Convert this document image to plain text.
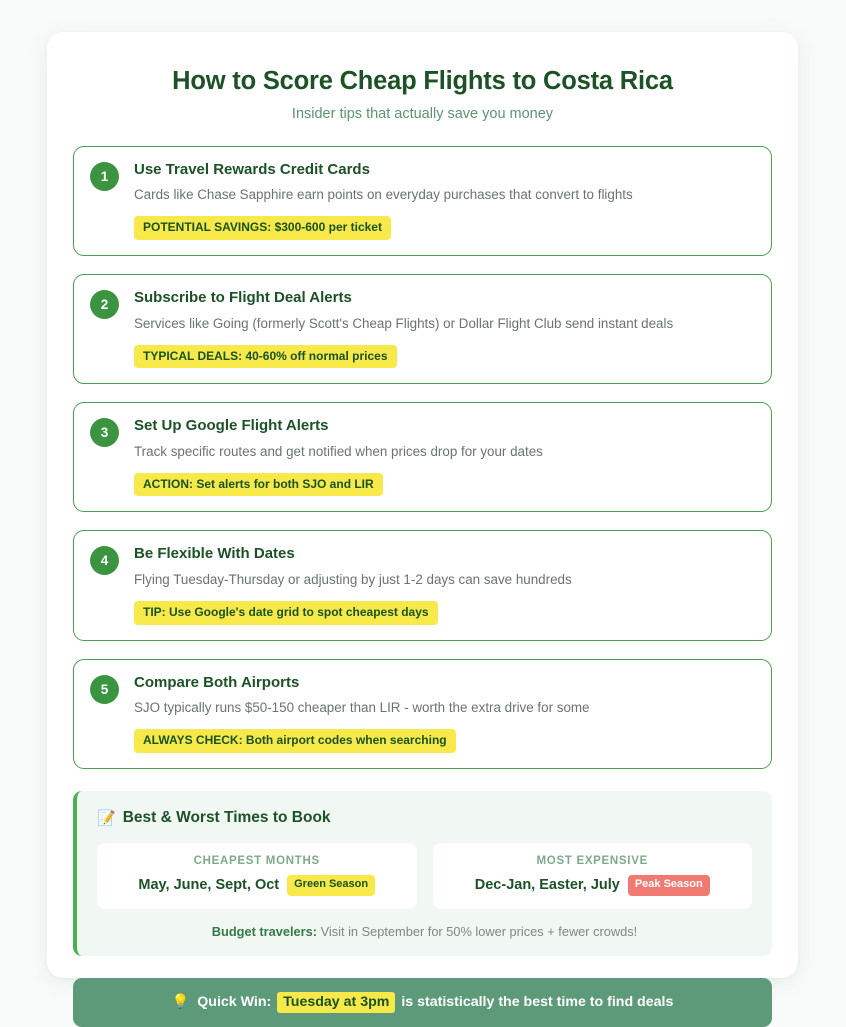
How to Score Cheap Flights to Costa Rica
Insider tips that actually save you money
1	Use Travel Rewards Credit Cards
Cards like Chase Sapphire earn points on everyday purchases that convert to flights
POTENTIAL SAVINGS: $300-600 per ticket
2	Subscribe to Flight Deal Alerts
Services like Going (formerly Scott's Cheap Flights) or Dollar Flight Club send instant deals
TYPICAL DEALS: 40-60% off normal prices
3	Set Up Google Flight Alerts
Track specific routes and get notified when prices drop for your dates
ACTION: Set alerts for both SJO and LIR
4	Be Flexible With Dates
Flying Tuesday-Thursday or adjusting by just 1-2 days can save hundreds
TIP: Use Google's date grid to spot cheapest days
5	Compare Both Airports
SJO typically runs $50-150 cheaper than LIR - worth the extra drive for some
ALWAYS CHECK: Both airport codes when searching
📝 Best & Worst Times to Book
CHEAPEST MONTHS
May, June, Sept, Oct	Green Season
MOST EXPENSIVE
Dec-Jan, Easter, July	Peak Season
Budget travelers: Visit in September for 50% lower prices + fewer crowds!
💡 Quick Win: Tuesday at 3pm is statistically the best time to find deals
